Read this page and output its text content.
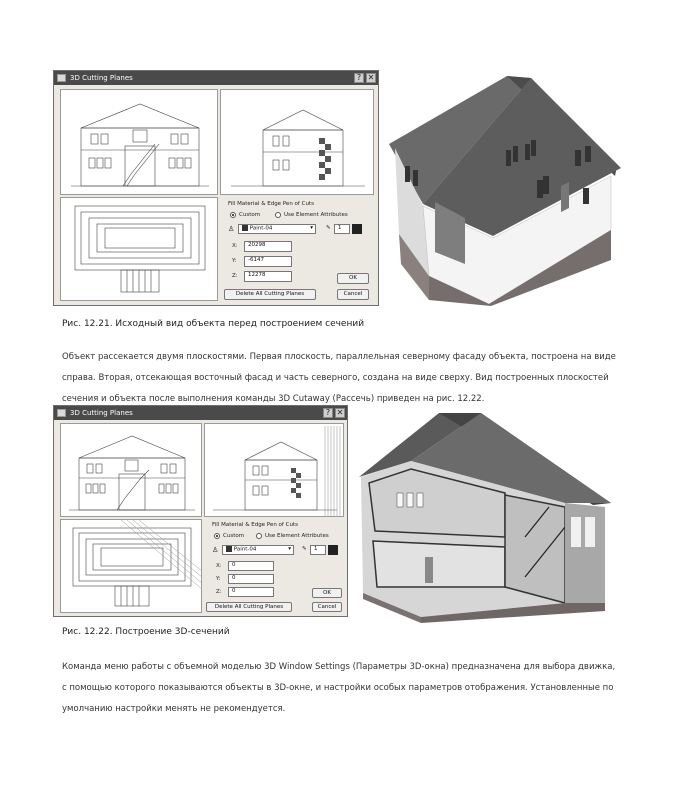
3D Cutting Planes	? ✕
Fill Material & Edge Pen of Cuts
Custom	Use Element Attributes
♙	Paint-04	▾ ✎	1
X:	20298
Y:	-6147
Z:	12278	OK
Delete All Cutting Planes	Cancel
Рис. 12.21. Исходный вид объекта перед построением сечений
Объект рассекается двумя плоскостями. Первая плоскость, параллельная северному фасаду объекта, построена на виде
справа. Вторая, отсекающая восточный фасад и часть северного, создана на виде сверху. Вид построенных плоскостей
сечения и объекта после выполнения команды 3D Cutaway (Рассечь) приведен на рис. 12.22.
3D Cutting Planes	? ✕
Fill Material & Edge Pen of Cuts
Custom	Use Element Attributes
♙	Paint-04	▾ ✎	1
X:	0
Y:	0
Z:	0	OK
Delete All Cutting Planes	Cancel
Рис. 12.22. Построение 3D-сечений
Команда меню работы с объемной моделью 3D Window Settings (Параметры 3D-окна) предназначена для выбора движка,
с помощью которого показываются объекты в 3D-окне, и настройки особых параметров отображения. Установленные по
умолчанию настройки менять не рекомендуется.
